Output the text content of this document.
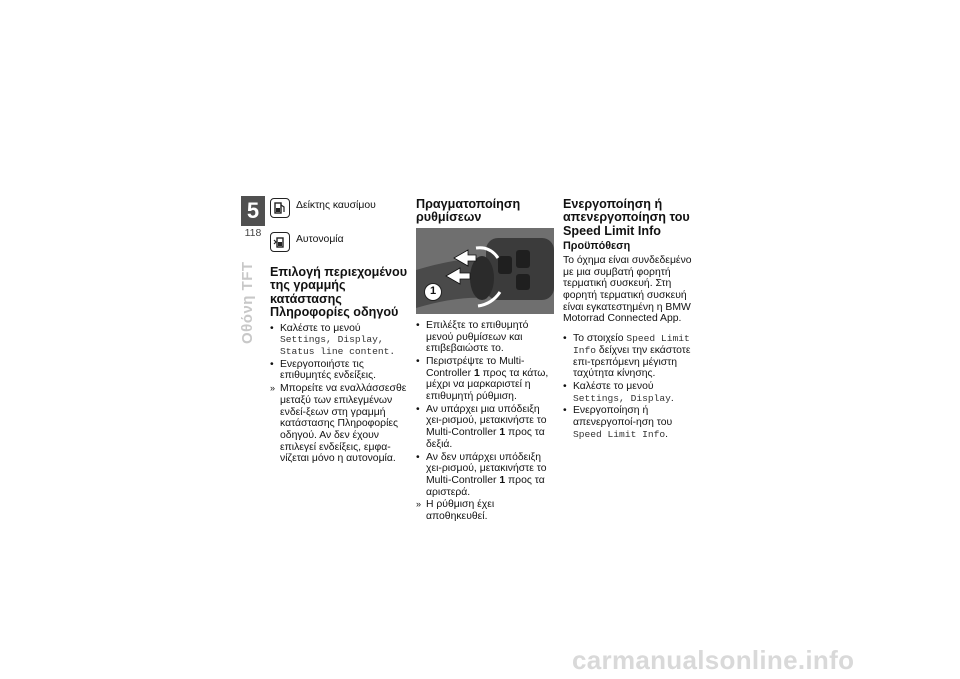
5
118
Οθόνη TFT
Δείκτης καυσίμου
Αυτονομία
Επιλογή περιεχομένου της γραμμής κατάστασης Πληροφορίες οδηγού
• Καλέστε το μενού Settings, Display, Status line content.
• Ενεργοποιήστε τις επιθυμητές ενδείξεις.
» Μπορείτε να εναλλάσσεσθε μεταξύ των επιλεγμένων ενδεί-ξεων στη γραμμή κατάστασης Πληροφορίες οδηγού. Αν δεν έχουν επιλεγεί ενδείξεις, εμφα-νίζεται μόνο η αυτονομία.
Πραγματοποίηση ρυθμίσεων
1
• Επιλέξτε το επιθυμητό μενού ρυθμίσεων και επιβεβαιώστε το.
• Περιστρέψτε το Multi-Controller 1 προς τα κάτω, μέχρι να μαρκαριστεί η επιθυμητή ρύθμιση.
• Αν υπάρχει μια υπόδειξη χει-ρισμού, μετακινήστε το Multi-Controller 1 προς τα δεξιά.
• Αν δεν υπάρχει υπόδειξη χει-ρισμού, μετακινήστε το Multi-Controller 1 προς τα αριστερά.
» Η ρύθμιση έχει αποθηκευθεί.
Ενεργοποίηση ή απενεργοποίηση του Speed Limit Info
Προϋπόθεση

Το όχημα είναι συνδεδεμένο με μια συμβατή φορητή τερματική συσκευή. Στη φορητή τερματική συσκευή είναι εγκατεστημένη η BMW Motorrad Connected App.

• Το στοιχείο Speed Limit Info δείχνει την εκάστοτε επι-τρεπόμενη μέγιστη ταχύτητα κίνησης.
• Καλέστε το μενού Settings, Display.
• Ενεργοποίηση ή απενεργοποί-ηση του Speed Limit Info.
carmanualsonline.info
